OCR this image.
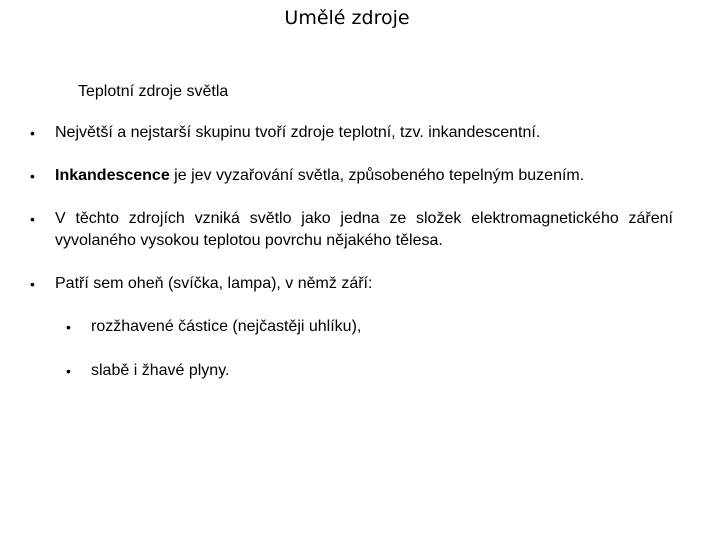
Umělé zdroje
Teplotní zdroje světla
• Největší a nejstarší skupinu tvoří zdroje teplotní, tzv. inkandescentní.
• Inkandescence je jev vyzařování světla, způsobeného tepelným buzením.
• V těchto zdrojích vzniká světlo jako jedna ze složek elektromagnetického záření vyvolaného vysokou teplotou povrchu nějakého tělesa.
• Patří sem oheň (svíčka, lampa), v němž září:
• rozžhavené částice (nejčastěji uhlíku),
• slabě i žhavé plyny.
